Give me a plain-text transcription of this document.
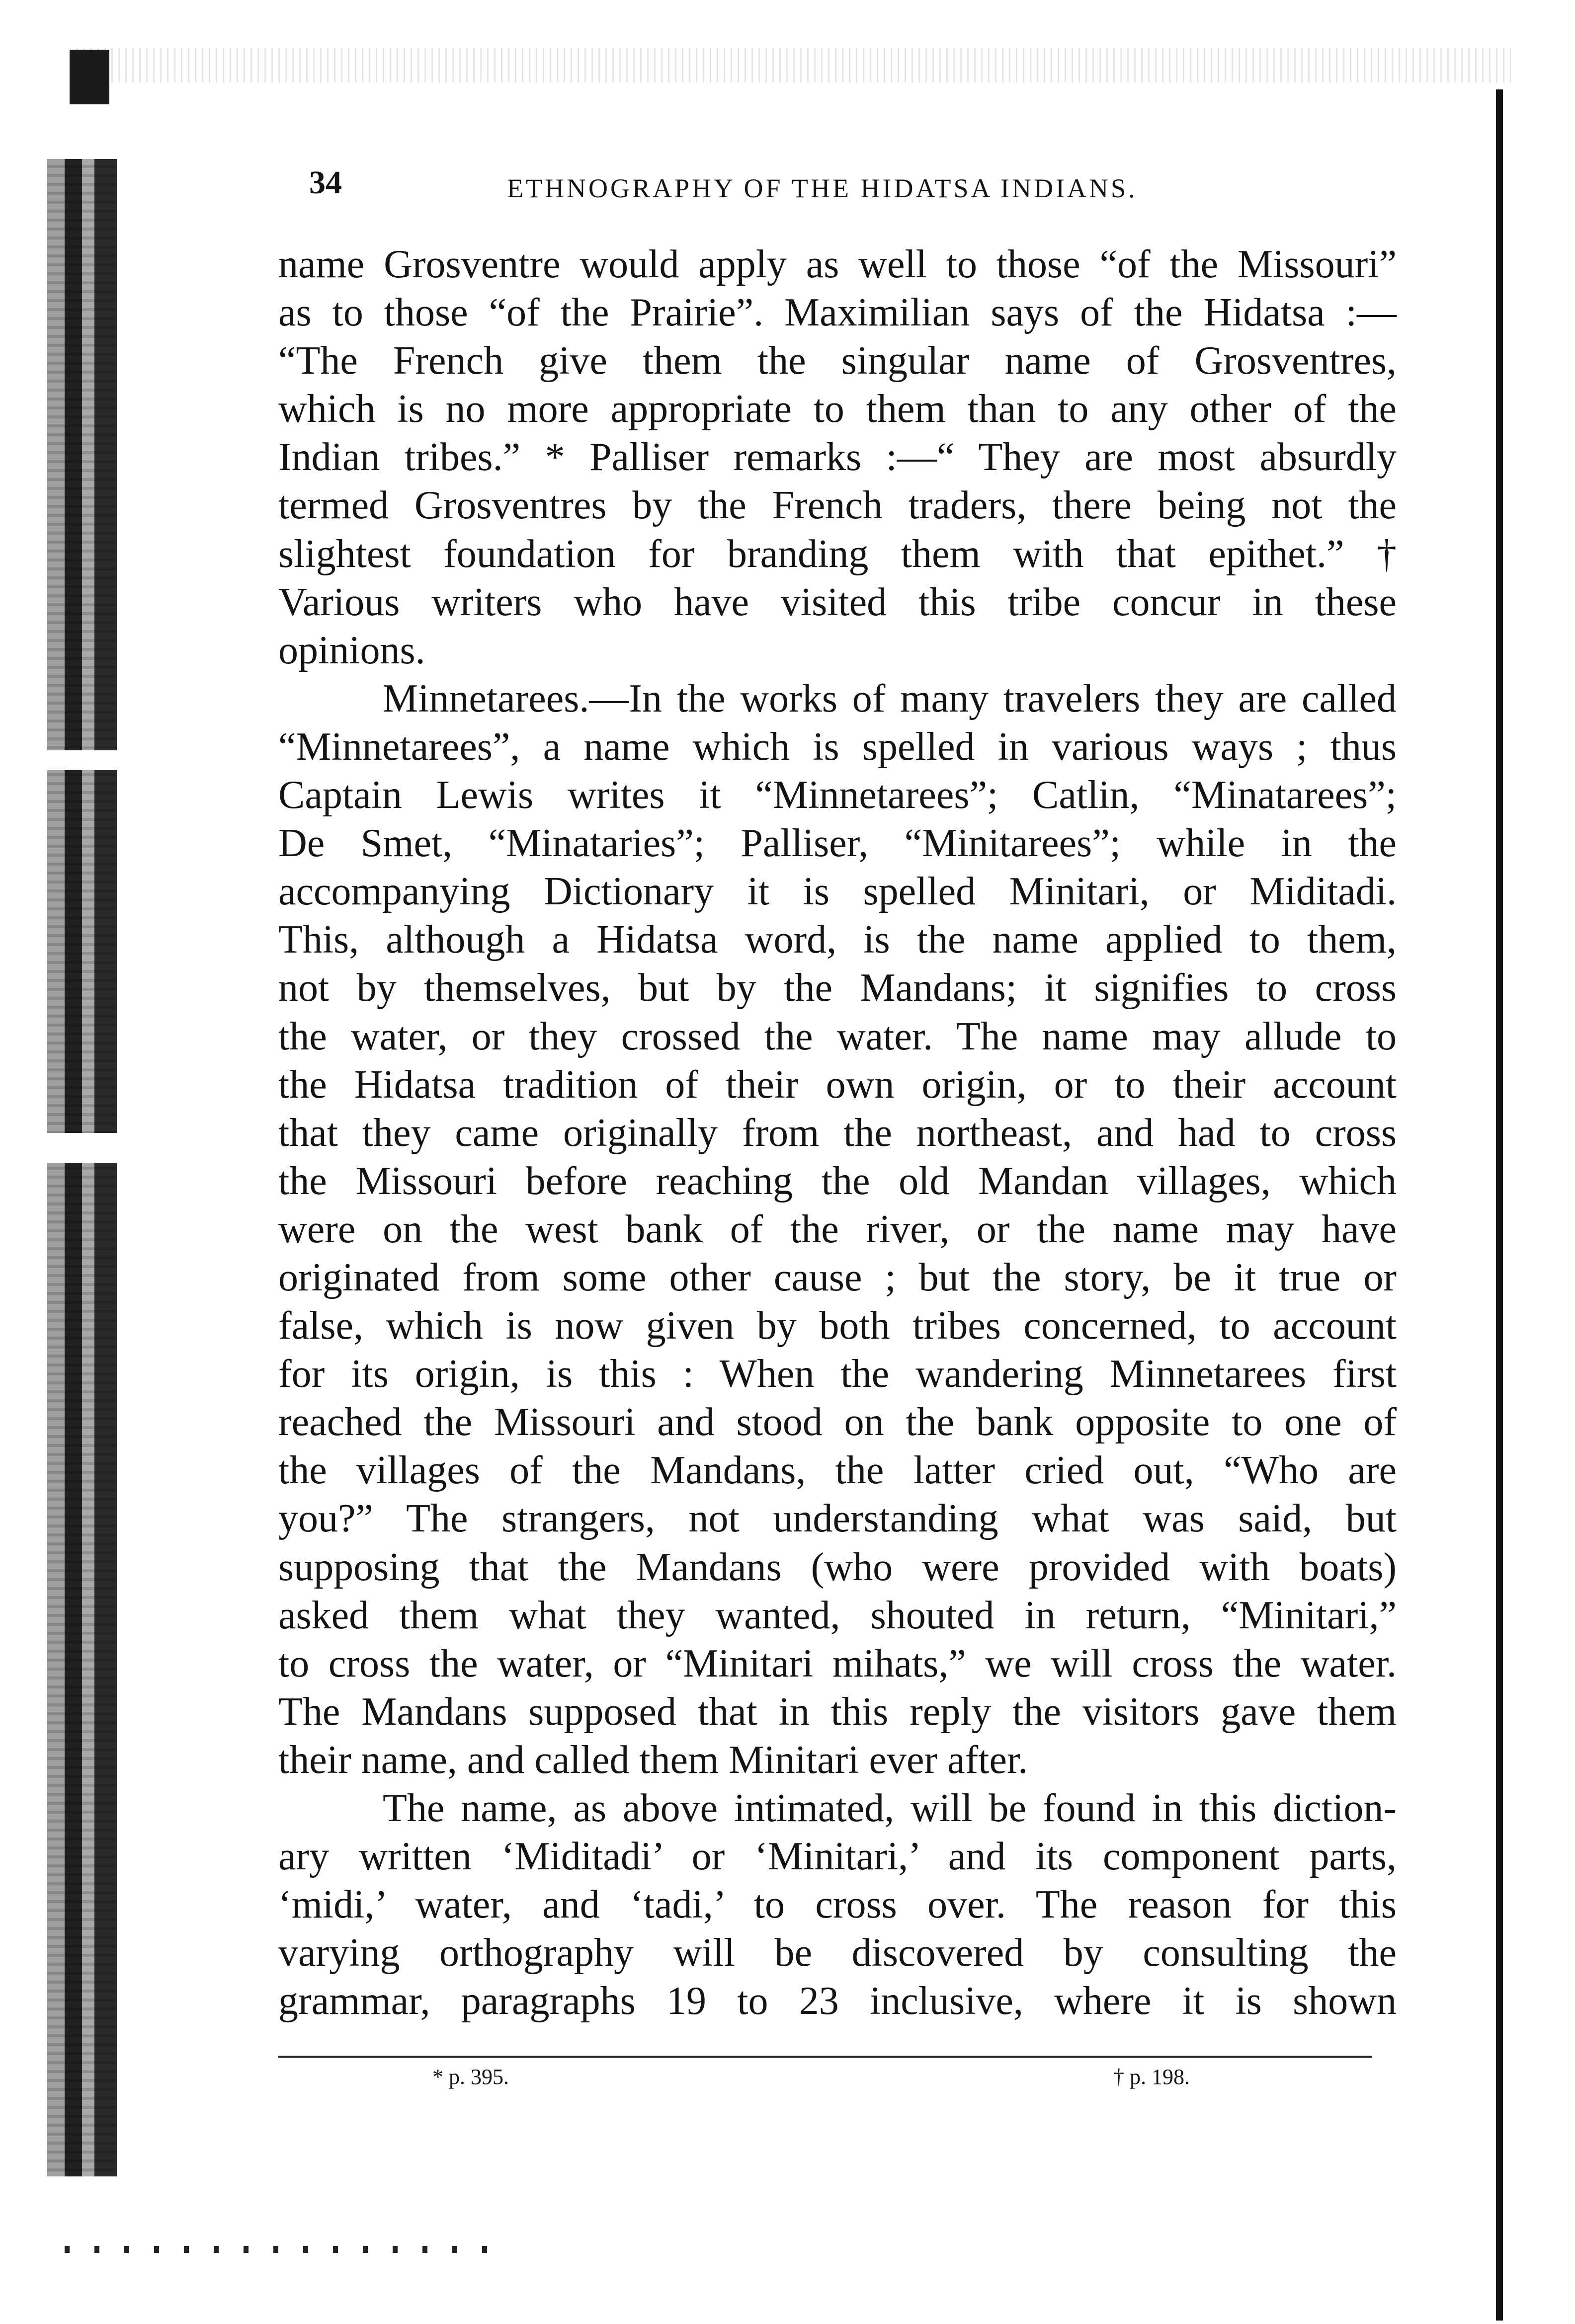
34	ETHNOGRAPHY OF THE HIDATSA INDIANS.
name Grosventre would apply as well to those “of the Missouri”
as to those “of the Prairie”. Maximilian says of the Hidatsa :—
“The French give them the singular name of Grosventres,
which is no more appropriate to them than to any other of the
Indian tribes.” * Palliser remarks :—“ They are most absurdly
termed Grosventres by the French traders, there being not the
slightest foundation for branding them with that epithet.” †
Various writers who have visited this tribe concur in these
opinions.
Minnetarees.—In the works of many travelers they are called
“Minnetarees”, a name which is spelled in various ways ; thus
Captain Lewis writes it “Minnetarees”; Catlin, “Minatarees”;
De Smet, “Minataries”; Palliser, “Minitarees”; while in the
accompanying Dictionary it is spelled Minitari, or Miditadi.
This, although a Hidatsa word, is the name applied to them,
not by themselves, but by the Mandans; it signifies to cross
the water, or they crossed the water. The name may allude to
the Hidatsa tradition of their own origin, or to their account
that they came originally from the northeast, and had to cross
the Missouri before reaching the old Mandan villages, which
were on the west bank of the river, or the name may have
originated from some other cause ; but the story, be it true or
false, which is now given by both tribes concerned, to account
for its origin, is this : When the wandering Minnetarees first
reached the Missouri and stood on the bank opposite to one of
the villages of the Mandans, the latter cried out, “Who are
you?” The strangers, not understanding what was said, but
supposing that the Mandans (who were provided with boats)
asked them what they wanted, shouted in return, “Minitari,”
to cross the water, or “Minitari mihats,” we will cross the water.
The Mandans supposed that in this reply the visitors gave them
their name, and called them Minitari ever after.
The name, as above intimated, will be found in this diction-
ary written ‘Miditadi’ or ‘Minitari,’ and its component parts,
‘midi,’ water, and ‘tadi,’ to cross over. The reason for this
varying orthography will be discovered by consulting the
grammar, paragraphs 19 to 23 inclusive, where it is shown
* p. 395.	† p. 198.
